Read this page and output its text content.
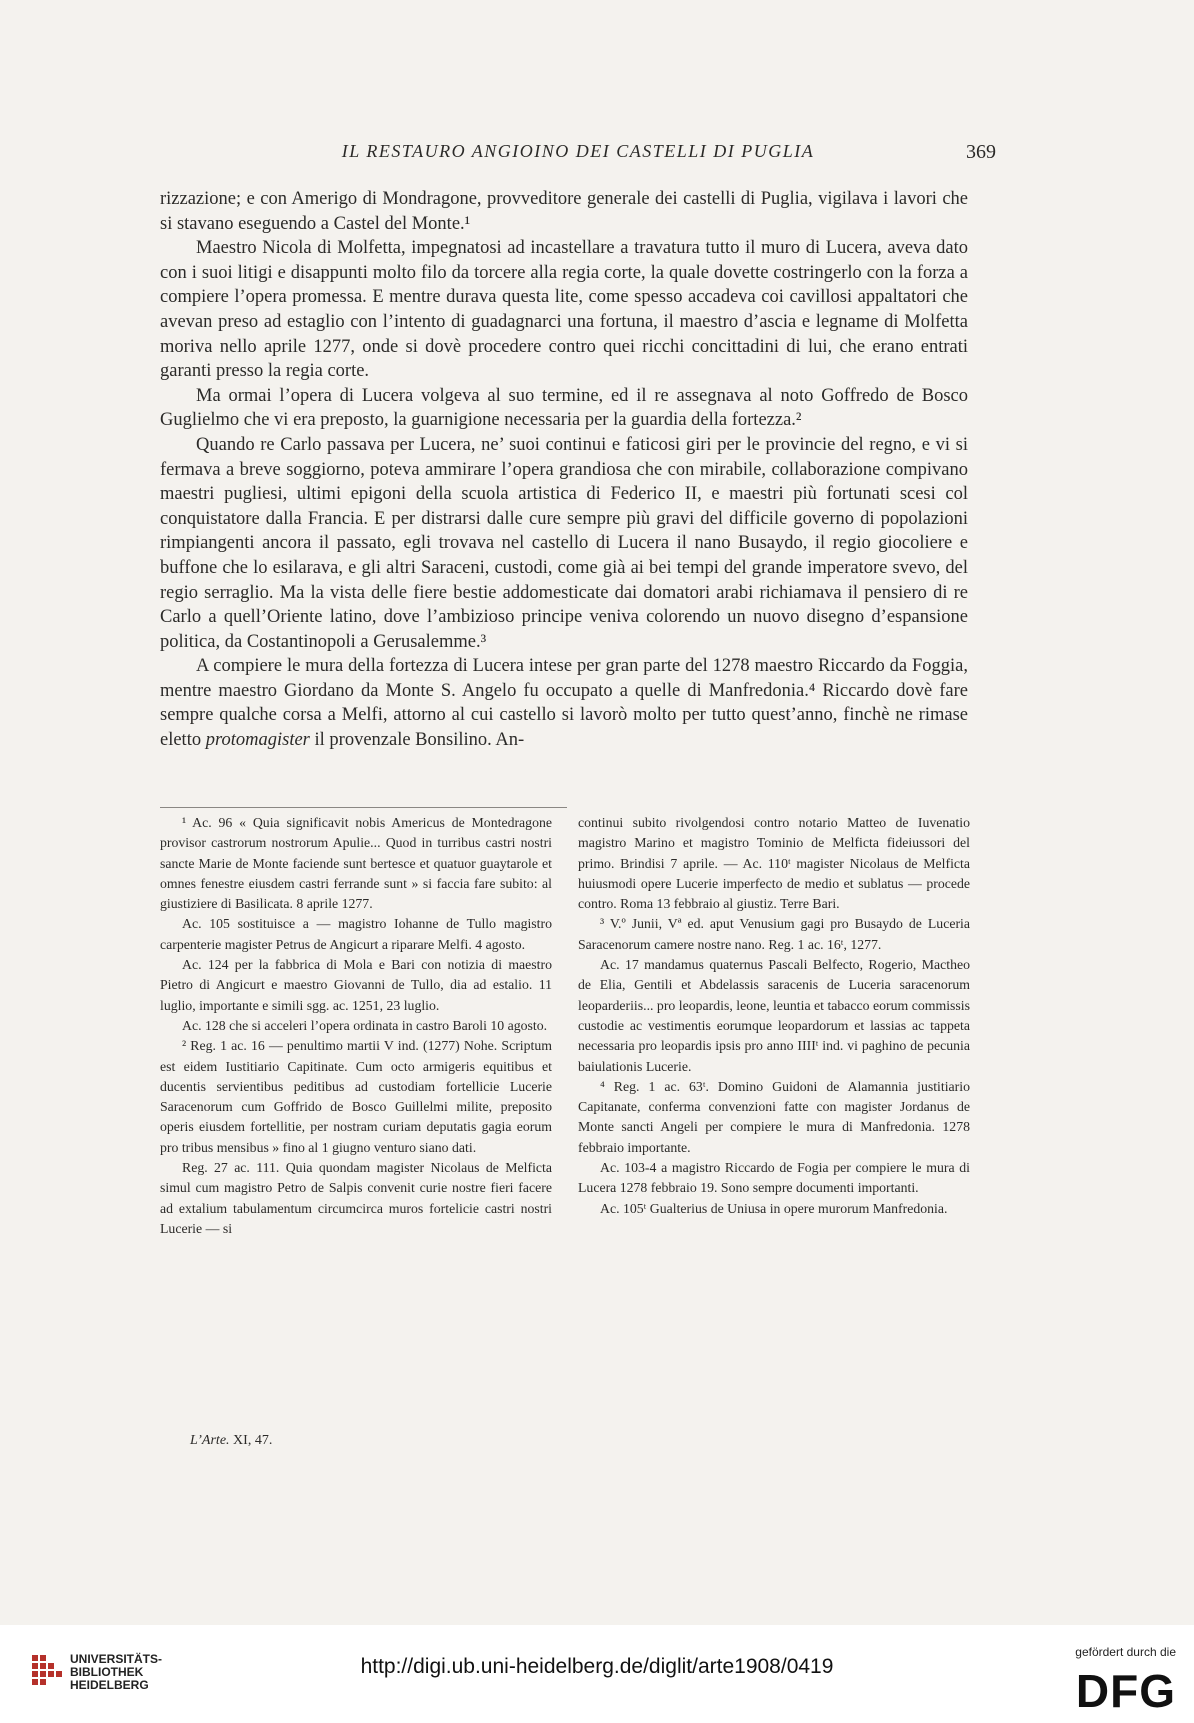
IL RESTAURO ANGIOINO DEI CASTELLI DI PUGLIA	369

rizzazione; e con Amerigo di Mondragone, provveditore generale dei castelli di Puglia, vigilava i lavori che si stavano eseguendo a Castel del Monte.¹

Maestro Nicola di Molfetta, impegnatosi ad incastellare a travatura tutto il muro di Lucera, aveva dato con i suoi litigi e disappunti molto filo da torcere alla regia corte, la quale dovette costringerlo con la forza a compiere l’opera promessa. E mentre durava questa lite, come spesso accadeva coi cavillosi appaltatori che avevan preso ad estaglio con l’intento di guadagnarci una fortuna, il maestro d’ascia e legname di Molfetta moriva nello aprile 1277, onde si dovè procedere contro quei ricchi concittadini di lui, che erano entrati garanti presso la regia corte.

Ma ormai l’opera di Lucera volgeva al suo termine, ed il re assegnava al noto Goffredo de Bosco Guglielmo che vi era preposto, la guarnigione necessaria per la guardia della fortezza.²

Quando re Carlo passava per Lucera, ne’ suoi continui e faticosi giri per le provincie del regno, e vi si fermava a breve soggiorno, poteva ammirare l’opera grandiosa che con mirabile, collaborazione compivano maestri pugliesi, ultimi epigoni della scuola artistica di Federico II, e maestri più fortunati scesi col conquistatore dalla Francia. E per distrarsi dalle cure sempre più gravi del difficile governo di popolazioni rimpiangenti ancora il passato, egli trovava nel castello di Lucera il nano Busaydo, il regio giocoliere e buffone che lo esilarava, e gli altri Saraceni, custodi, come già ai bei tempi del grande imperatore svevo, del regio serraglio. Ma la vista delle fiere bestie addomesticate dai domatori arabi richiamava il pensiero di re Carlo a quell’Oriente latino, dove l’ambizioso principe veniva colorendo un nuovo disegno d’espansione politica, da Costantinopoli a Gerusalemme.³

A compiere le mura della fortezza di Lucera intese per gran parte del 1278 maestro Riccardo da Foggia, mentre maestro Giordano da Monte S. Angelo fu occupato a quelle di Manfredonia.⁴ Riccardo dovè fare sempre qualche corsa a Melfi, attorno al cui castello si lavorò molto per tutto quest’anno, finchè ne rimase eletto protomagister il provenzale Bonsilino. An-

¹ Ac. 96 « Quia significavit nobis Americus de Montedragone provisor castrorum nostrorum Apulie... Quod in turribus castri nostri sancte Marie de Monte faciende sunt bertesce et quatuor guaytarole et omnes fenestre eiusdem castri ferrande sunt » si faccia fare subito: al giustiziere di Basilicata. 8 aprile 1277.

Ac. 105 sostituisce a — magistro Iohanne de Tullo magistro carpenterie magister Petrus de Angicurt a riparare Melfi. 4 agosto.

Ac. 124 per la fabbrica di Mola e Bari con notizia di maestro Pietro di Angicurt e maestro Giovanni de Tullo, dia ad estalio. 11 luglio, importante e simili sgg. ac. 1251, 23 luglio.

Ac. 128 che si acceleri l’opera ordinata in castro Baroli 10 agosto.

² Reg. 1 ac. 16 — penultimo martii V ind. (1277) Nohe. Scriptum est eidem Iustitiario Capitinate. Cum octo armigeris equitibus et ducentis servientibus peditibus ad custodiam fortellicie Lucerie Saracenorum cum Goffrido de Bosco Guillelmi milite, preposito operis eiusdem fortellitie, per nostram curiam deputatis gagia eorum pro tribus mensibus » fino al 1 giugno venturo siano dati.

Reg. 27 ac. 111. Quia quondam magister Nicolaus de Melficta simul cum magistro Petro de Salpis convenit curie nostre fieri facere ad extalium tabulamentum circumcirca muros fortelicie castri nostri Lucerie — si

continui subito rivolgendosi contro notario Matteo de Iuvenatio magistro Marino et magistro Tominio de Melficta fideiussori del primo. Brindisi 7 aprile. — Ac. 110ᵗ magister Nicolaus de Melficta huiusmodi opere Lucerie imperfecto de medio et sublatus — procede contro. Roma 13 febbraio al giustiz. Terre Bari.

³ V.º Junii, Vª ed. aput Venusium gagi pro Busaydo de Luceria Saracenorum camere nostre nano. Reg. 1 ac. 16ᵗ, 1277.

Ac. 17 mandamus quaternus Pascali Belfecto, Rogerio, Mactheo de Elia, Gentili et Abdelassis saracenis de Luceria saracenorum leoparderiis... pro leopardis, leone, leuntia et tabacco eorum commissis custodie ac vestimentis eorumque leopardorum et lassias ac tappeta necessaria pro leopardis ipsis pro anno IIIIᵗ ind. vi paghino de pecunia baiulationis Lucerie.

⁴ Reg. 1 ac. 63ᵗ. Domino Guidoni de Alamannia justitiario Capitanate, conferma convenzioni fatte con magister Jordanus de Monte sancti Angeli per compiere le mura di Manfredonia. 1278 febbraio importante.

Ac. 103-4 a magistro Riccardo de Fogia per compiere le mura di Lucera 1278 febbraio 19. Sono sempre documenti importanti.

Ac. 105ᵗ Gualterius de Uniusa in opere murorum Manfredonia.

L’Arte. XI, 47.
UNIVERSITÄTS-
BIBLIOTHEK
HEIDELBERG
http://digi.ub.uni-heidelberg.de/diglit/arte1908/0419
gefördert durch die
DFG
